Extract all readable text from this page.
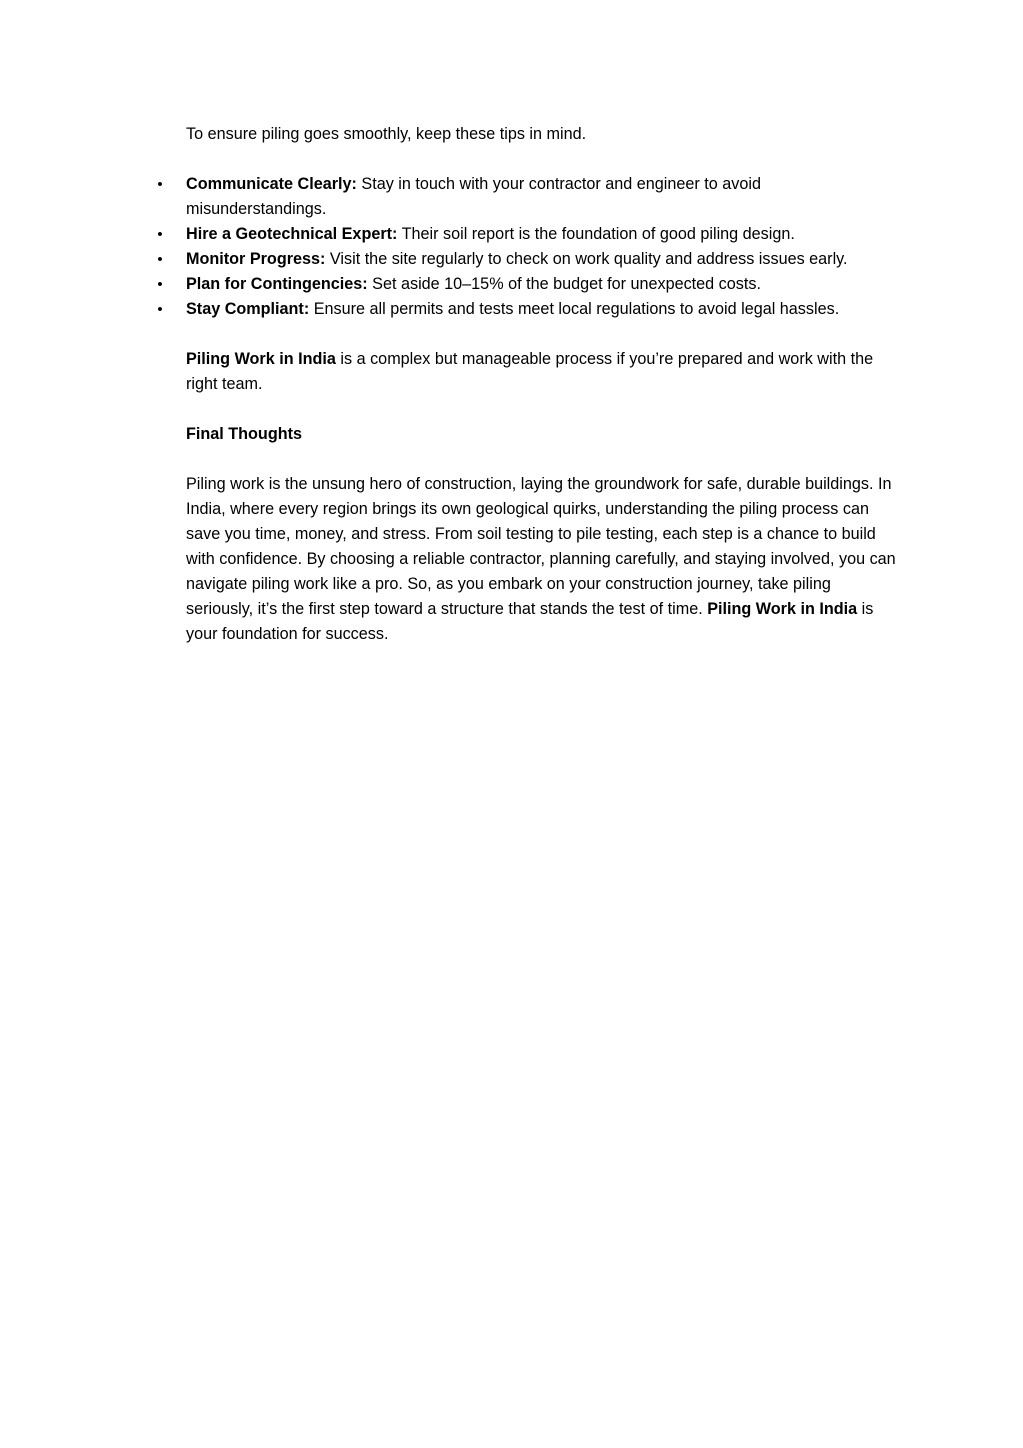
To ensure piling goes smoothly, keep these tips in mind.

• Communicate Clearly: Stay in touch with your contractor and engineer to avoid misunderstandings.
• Hire a Geotechnical Expert: Their soil report is the foundation of good piling design.
• Monitor Progress: Visit the site regularly to check on work quality and address issues early.
• Plan for Contingencies: Set aside 10–15% of the budget for unexpected costs.
• Stay Compliant: Ensure all permits and tests meet local regulations to avoid legal hassles.

Piling Work in India is a complex but manageable process if you’re prepared and work with the right team.

Final Thoughts

Piling work is the unsung hero of construction, laying the groundwork for safe, durable buildings. In India, where every region brings its own geological quirks, understanding the piling process can save you time, money, and stress. From soil testing to pile testing, each step is a chance to build with confidence. By choosing a reliable contractor, planning carefully, and staying involved, you can navigate piling work like a pro. So, as you embark on your construction journey, take piling seriously, it’s the first step toward a structure that stands the test of time. Piling Work in India is your foundation for success.
